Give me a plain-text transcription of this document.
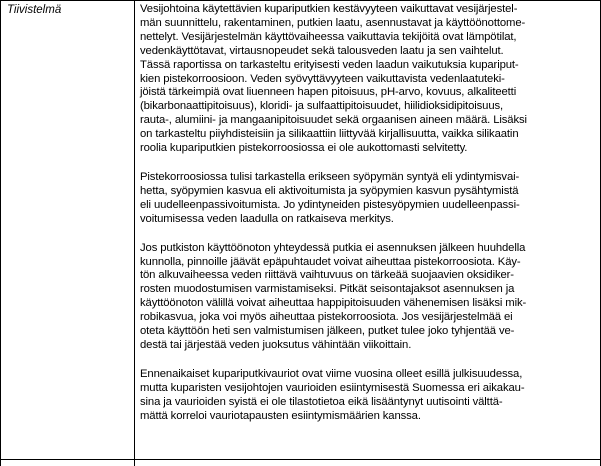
Tiivistelmä	Vesijohtoina käytettävien kupariputkien kestävyyteen vaikuttavat vesijärjestel-
män suunnittelu, rakentaminen, putkien laatu, asennustavat ja käyttöönottome-
nettelyt. Vesijärjestelmän käyttövaiheessa vaikuttavia tekijöitä ovat lämpötilat,
vedenkäyttötavat, virtausnopeudet sekä talousveden laatu ja sen vaihtelut.
Tässä raportissa on tarkasteltu erityisesti veden laadun vaikutuksia kupariput-
kien pistekorroosioon. Veden syövyttävyyteen vaikuttavista vedenlaatuteki-
jöistä tärkeimpiä ovat liuenneen hapen pitoisuus, pH-arvo, kovuus, alkaliteetti
(bikarbonaattipitoisuus), kloridi- ja sulfaattipitoisuudet, hiilidioksidipitoisuus,
rauta-, alumiini- ja mangaanipitoisuudet sekä orgaanisen aineen määrä. Lisäksi
on tarkasteltu piiyhdisteisiin ja silikaattiin liittyvää kirjallisuutta, vaikka silikaatin
roolia kupariputkien pistekorroosiossa ei ole aukottomasti selvitetty.

Pistekorroosiossa tulisi tarkastella erikseen syöpymän syntyä eli ydintymisvai-
hetta, syöpymien kasvua eli aktivoitumista ja syöpymien kasvun pysähtymistä
eli uudelleenpassivoitumista. Jo ydintyneiden pistesyöpymien uudelleenpassi-
voitumisessa veden laadulla on ratkaiseva merkitys.

Jos putkiston käyttöönoton yhteydessä putkia ei asennuksen jälkeen huuhdella
kunnolla, pinnoille jäävät epäpuhtaudet voivat aiheuttaa pistekorroosiota. Käy-
tön alkuvaiheessa veden riittävä vaihtuvuus on tärkeää suojaavien oksidiker-
rosten muodostumisen varmistamiseksi. Pitkät seisontajaksot asennuksen ja
käyttöönoton välillä voivat aiheuttaa happipitoisuuden vähenemisen lisäksi mik-
robikasvua, joka voi myös aiheuttaa pistekorroosiota. Jos vesijärjestelmää ei
oteta käyttöön heti sen valmistumisen jälkeen, putket tulee joko tyhjentää ve-
destä tai järjestää veden juoksutus vähintään viikoittain.

Ennenaikaiset kupariputkivauriot ovat viime vuosina olleet esillä julkisuudessa,
mutta kuparisten vesijohtojen vaurioiden esiintymisestä Suomessa eri aikakau-
sina ja vaurioiden syistä ei ole tilastotietoa eikä lisääntynyt uutisointi välttä-
mättä korreloi vauriotapausten esiintymismäärien kanssa.
